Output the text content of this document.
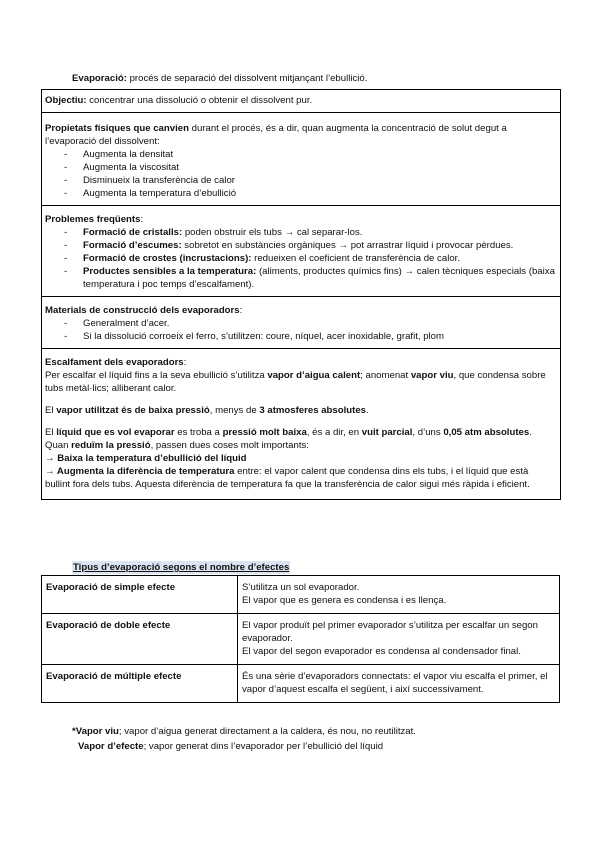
Evaporació: procés de separació del dissolvent mitjançant l’ebullició.

Objectiu: concentrar una dissolució o obtenir el dissolvent pur.

Propietats físiques que canvien durant el procés, és a dir, quan augmenta la concentració de solut degut a l’evaporació del dissolvent:

- Augmenta la densitat
- Augmenta la viscositat
- Disminueix la transferència de calor
- Augmenta la temperatura d’ebullició

Problemes freqüents:

- Formació de cristalls: poden obstruir els tubs → cal separar-los.
- Formació d’escumes: sobretot en substàncies orgàniques → pot arrastrar líquid i provocar pèrdues.
- Formació de crostes (incrustacions): redueixen el coeficient de transferència de calor.
- Productes sensibles a la temperatura: (aliments, productes químics fins) → calen tècniques especials (baixa temperatura i poc temps d’escalfament).

Materials de construcció dels evaporadors:

- Generalment d’acer.
- Si la dissolució corroeix el ferro, s’utilitzen: coure, níquel, acer inoxidable, grafit, plom

Escalfament dels evaporadors:

Per escalfar el líquid fins a la seva ebullició s’utilitza vapor d’aigua calent; anomenat vapor viu, que condensa sobre tubs metàl·lics; alliberant calor.

El vapor utilitzat és de baixa pressió, menys de 3 atmosferes absolutes.

El líquid que es vol evaporar es troba a pressió molt baixa, és a dir, en vuit parcial, d’uns 0,05 atm absolutes. Quan reduïm la pressió, passen dues coses molt importants:

→ Baixa la temperatura d’ebullició del líquid

→ Augmenta la diferència de temperatura entre: el vapor calent que condensa dins els tubs, i el líquid que està bullint fora dels tubs. Aquesta diferència de temperatura fa que la transferència de calor sigui més ràpida i eficient.

Tipus d’evaporació segons el nombre d’efectes
Evaporació de simple efecte	S’utilitza un sol evaporador.
El vapor que es genera es condensa i es llença.

Evaporació de doble efecte	El vapor produït pel primer evaporador s’utilitza per escalfar un segon evaporador.
El vapor del segon evaporador es condensa al condensador final.

Evaporació de múltiple efecte	És una sèrie d’evaporadors connectats: el vapor viu escalfa el primer, el vapor d’aquest escalfa el següent, i així successivament.
*Vapor viu; vapor d’aigua generat directament a la caldera, és nou, no reutilitzat.
Vapor d’efecte; vapor generat dins l’evaporador per l’ebullició del líquid
